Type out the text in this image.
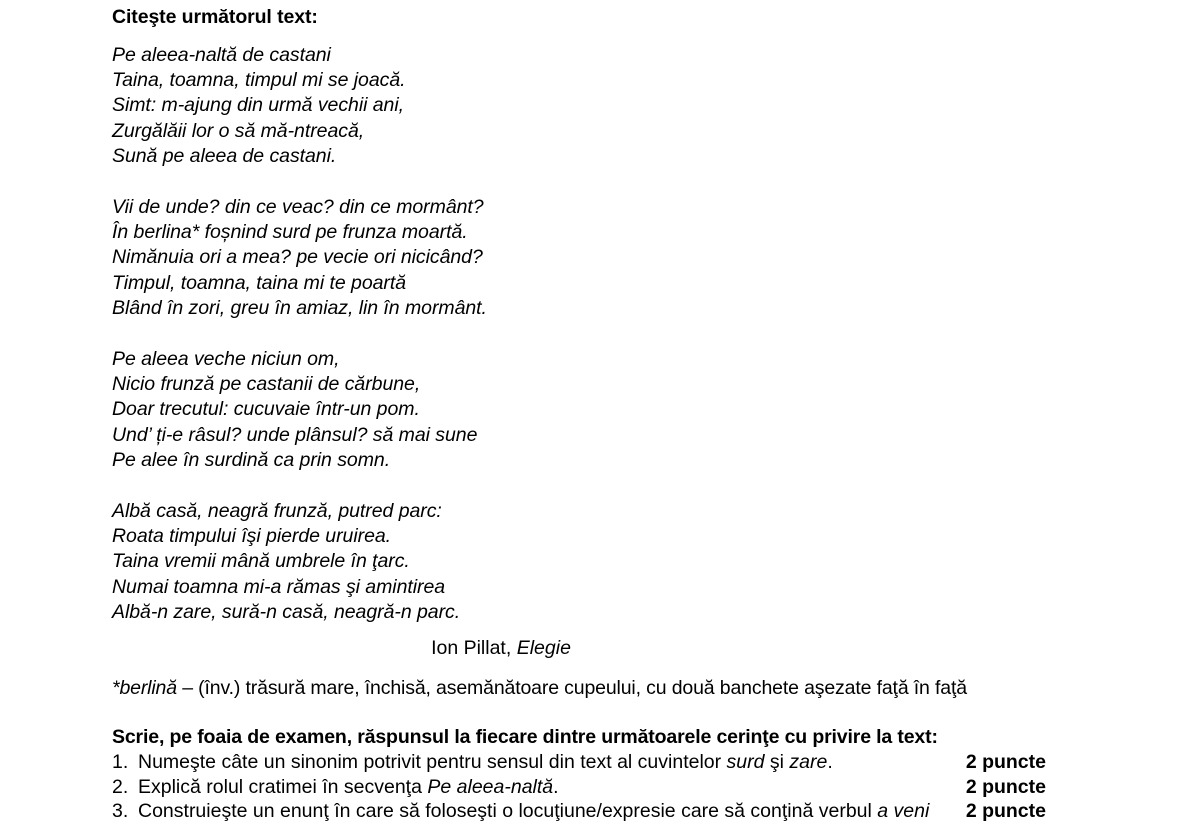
Citeşte următorul text:
Pe aleea-naltă de castani
Taina, toamna, timpul mi se joacă.
Simt: m-ajung din urmă vechii ani,
Zurgălăii lor o să mă-ntreacă,
Sună pe aleea de castani.
Vii de unde? din ce veac? din ce mormânt?
În berlina* foșnind surd pe frunza moartă.
Nimănuia ori a mea? pe vecie ori nicicând?
Timpul, toamna, taina mi te poartă
Blând în zori, greu în amiaz, lin în mormânt.
Pe aleea veche niciun om,
Nicio frunză pe castanii de cărbune,
Doar trecutul: cucuvaie într-un pom.
Und’ ți-e râsul? unde plânsul? să mai sune
Pe alee în surdină ca prin somn.
Albă casă, neagră frunză, putred parc:
Roata timpului îşi pierde uruirea.
Taina vremii mână umbrele în ţarc.
Numai toamna mi-a rămas şi amintirea
Albă-n zare, sură-n casă, neagră-n parc.
Ion Pillat, Elegie
*berlină – (înv.) trăsură mare, închisă, asemănătoare cupeului, cu două banchete aşezate faţă în faţă
Scrie, pe foaia de examen, răspunsul la fiecare dintre următoarele cerinţe cu privire la text:
1. Numeşte câte un sinonim potrivit pentru sensul din text al cuvintelor surd şi zare.	2 puncte
2. Explică rolul cratimei în secvenţa Pe aleea-naltă.	2 puncte
3. Construieşte un enunţ în care să foloseşti o locuţiune/expresie care să conţină verbul a veni	2 puncte
